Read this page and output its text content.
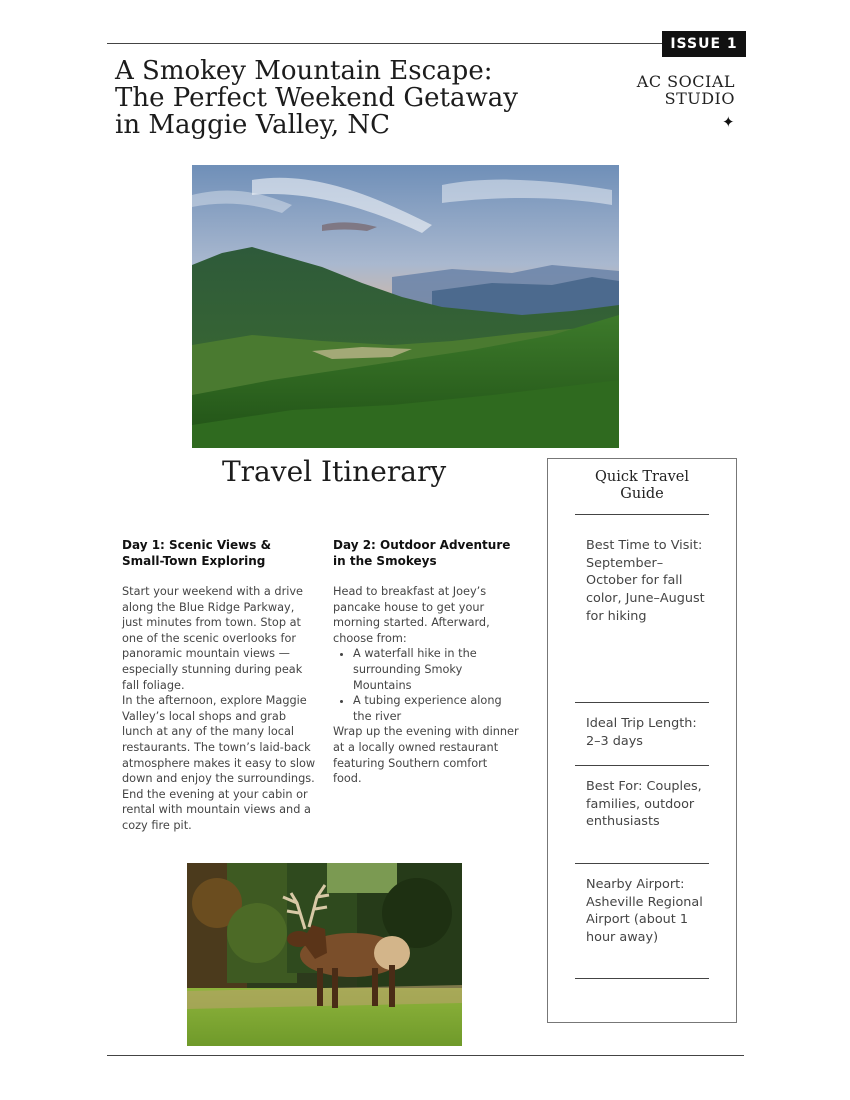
ISSUE 1
A Smokey Mountain Escape:
The Perfect Weekend Getaway
in Maggie Valley, NC
AC SOCIAL
STUDIO
✦
Travel Itinerary
Day 1: Scenic Views & Small-Town Exploring

Start your weekend with a drive along the Blue Ridge Parkway, just minutes from town. Stop at one of the scenic overlooks for panoramic mountain views — especially stunning during peak fall foliage.

In the afternoon, explore Maggie Valley’s local shops and grab lunch at any of the many local restaurants. The town’s laid-back atmosphere makes it easy to slow down and enjoy the surroundings.

End the evening at your cabin or rental with mountain views and a cozy fire pit.

Day 2: Outdoor Adventure in the Smokeys

Head to breakfast at Joey’s pancake house to get your morning started. Afterward, choose from:

• A waterfall hike in the surrounding Smoky Mountains
• A tubing experience along the river

Wrap up the evening with dinner at a locally owned restaurant featuring Southern comfort food.

Quick Travel
Guide
Best Time to Visit: September–October for fall color, June–August for hiking
Ideal Trip Length: 2–3 days
Best For: Couples, families, outdoor enthusiasts
Nearby Airport: Asheville Regional Airport (about 1 hour away)
